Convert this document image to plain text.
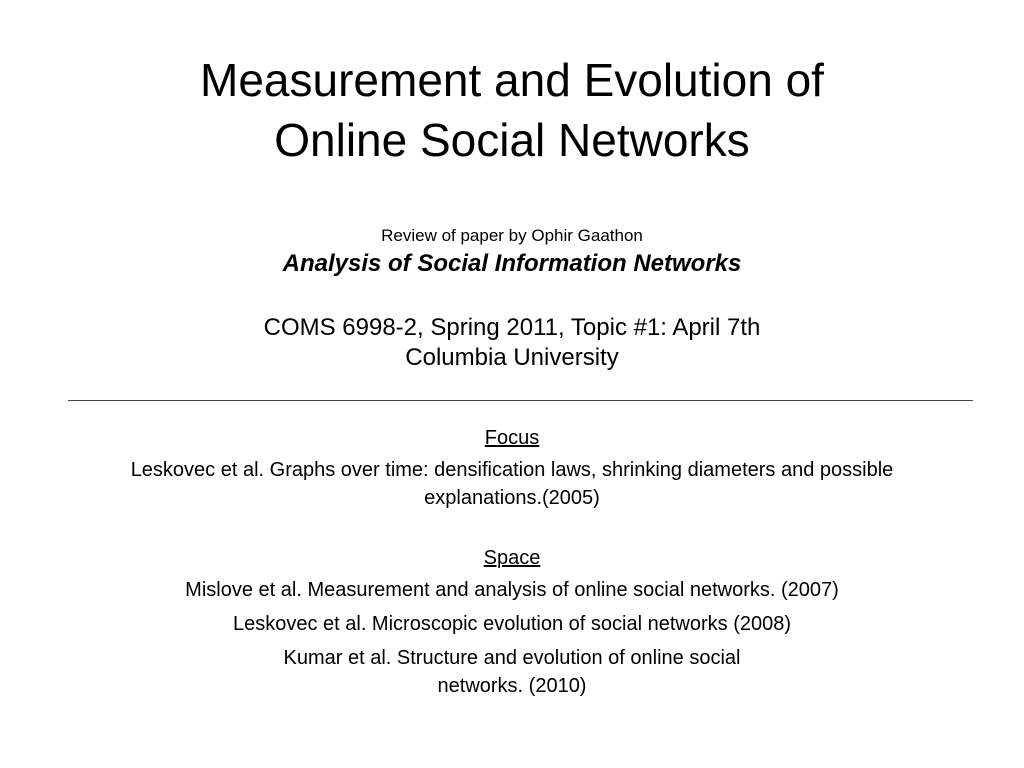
Measurement and Evolution of
Online Social Networks
Review of paper by Ophir Gaathon
Analysis of Social Information Networks
COMS 6998-2, Spring 2011, Topic #1: April 7th
Columbia University
Focus
Leskovec et al. Graphs over time: densification laws, shrinking diameters and possible
explanations.(2005)
Space
Mislove et al. Measurement and analysis of online social networks. (2007)
Leskovec et al. Microscopic evolution of social networks (2008)
Kumar et al. Structure and evolution of online social
networks. (2010)
